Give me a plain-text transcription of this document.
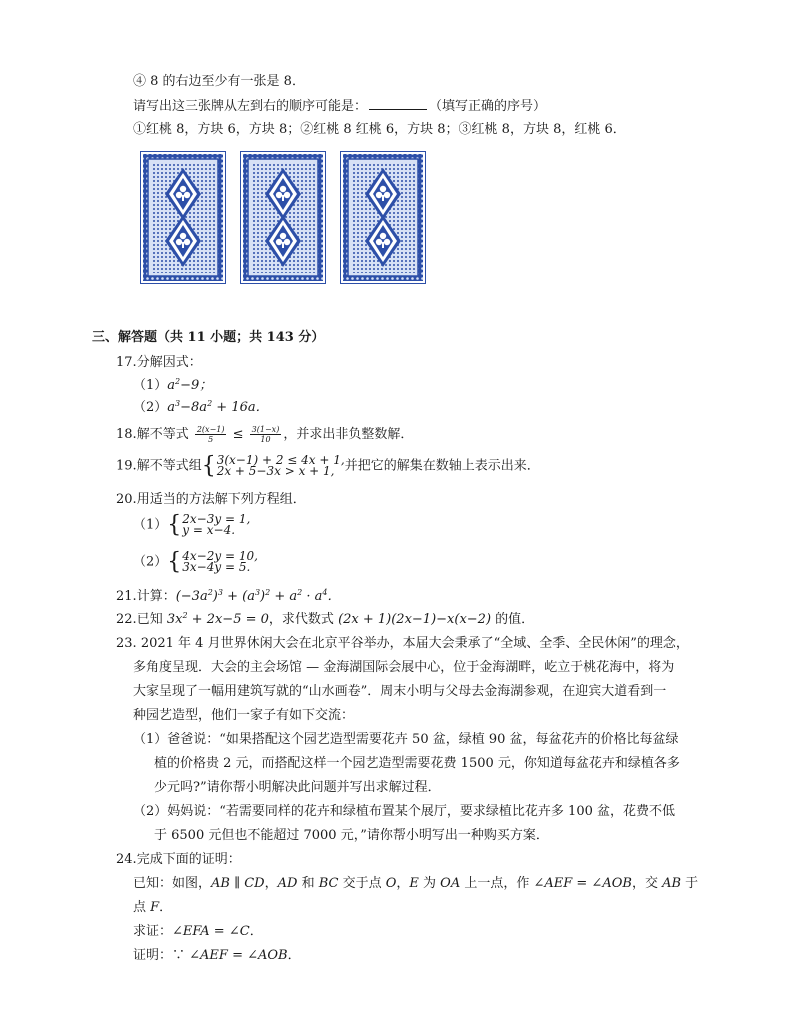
④ 8 的右边至少有一张是 8．
请写出这三张牌从左到右的顺序可能是：	（填写正确的序号）
①红桃 8，方块 6，方块 8；②红桃 8 红桃 6，方块 8；③红桃 8，方块 8，红桃 6．
三、解答题（共 11 小题；共 143 分）
17.分解因式：
$(1)a^2-9$；
$(2)a^3-8a^2 + 16a$．
18.解不等式 $\frac{2(x-1)}{5} \le \frac{3(1-x)}{10}$ ，并求出非负整数解．
19.解不等式组{3(x−1) + 2 ≤ 4x + 1,
2x + 5−3x > x + 1, 并把它的解集在数轴上表示出来．
20.用适当的方法解下列方程组．
（1）{2x−3y = 1,
y = x−4.
（2）{4x−2y = 10,
3x−4y = 5.
21.计算：$(-3a^2)^3 + (a^3)^2 + a^2 \cdot a^4$．
22.已知 $3x^2 + 2x-5 = 0$，求代数式 (2x + 1)(2x−1)−x(x−2) 的值．
23. 2021 年 4 月世界休闲大会在北京平谷举办，本届大会秉承了“全域、全季、全民休闲”的理念，
多角度呈现．大会的主会场馆 — 金海湖国际会展中心，位于金海湖畔，屹立于桃花海中，将为
大家呈现了一幅用建筑写就的“山水画卷”．周末小明与父母去金海湖参观，在迎宾大道看到一
种园艺造型，他们一家子有如下交流：
（1）爸爸说：“如果搭配这个园艺造型需要花卉 50 盆，绿植 90 盆，每盆花卉的价格比每盆绿
植的价格贵 2 元，而搭配这样一个园艺造型需要花费 1500 元，你知道每盆花卉和绿植各多
少元吗?”请你帮小明解决此问题并写出求解过程．
（2）妈妈说：“若需要同样的花卉和绿植布置某个展厅，要求绿植比花卉多 100 盆，花费不低
于 6500 元但也不能超过 7000 元，”请你帮小明写出一种购买方案．
24.完成下面的证明：
已知：如图，AB ∥ CD，AD 和 BC 交于点 O，E 为 OA 上一点，作 ∠AEF = ∠AOB，交 AB 于
点 F．
求证：∠EFA = ∠C．
证明：∵ ∠AEF = ∠AOB．
